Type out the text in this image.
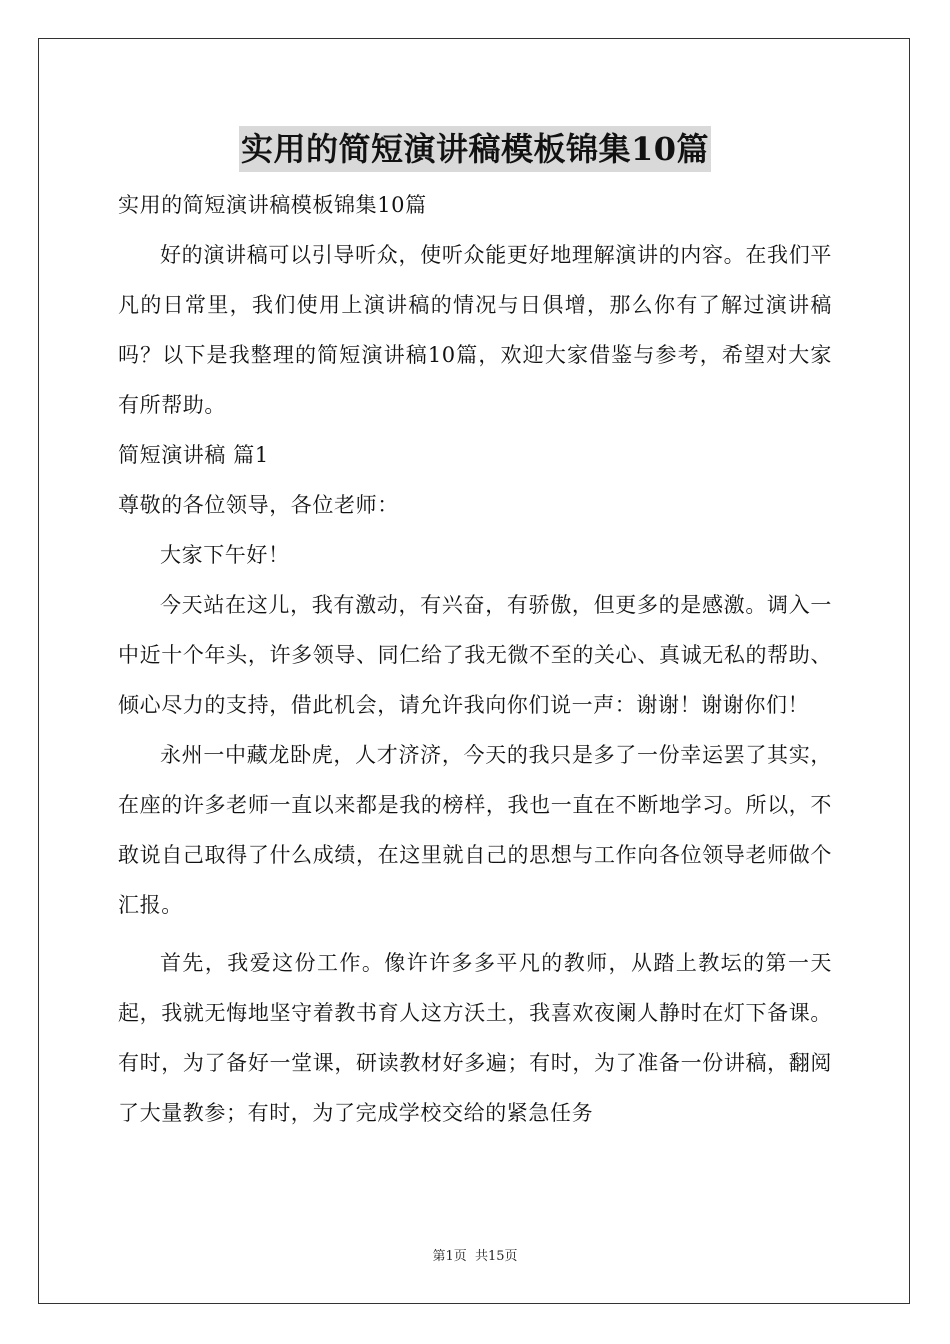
实用的简短演讲稿模板锦集10篇

实用的简短演讲稿模板锦集10篇

好的演讲稿可以引导听众，使听众能更好地理解演讲的内容。在我们平凡的日常里，我们使用上演讲稿的情况与日俱增，那么你有了解过演讲稿吗？以下是我整理的简短演讲稿10篇，欢迎大家借鉴与参考，希望对大家有所帮助。

简短演讲稿 篇1

尊敬的各位领导，各位老师：

大家下午好！

今天站在这儿，我有激动，有兴奋，有骄傲，但更多的是感激。调入一中近十个年头，许多领导、同仁给了我无微不至的关心、真诚无私的帮助、倾心尽力的支持，借此机会，请允许我向你们说一声：谢谢！谢谢你们！

永州一中藏龙卧虎，人才济济，今天的我只是多了一份幸运罢了其实，在座的许多老师一直以来都是我的榜样，我也一直在不断地学习。所以，不敢说自己取得了什么成绩，在这里就自己的思想与工作向各位领导老师做个汇报。

首先，我爱这份工作。像许许多多平凡的教师，从踏上教坛的第一天起，我就无悔地坚守着教书育人这方沃土，我喜欢夜阑人静时在灯下备课。有时，为了备好一堂课，研读教材好多遍；有时，为了准备一份讲稿，翻阅了大量教参；有时，为了完成学校交给的紧急任务

第1页 共15页
